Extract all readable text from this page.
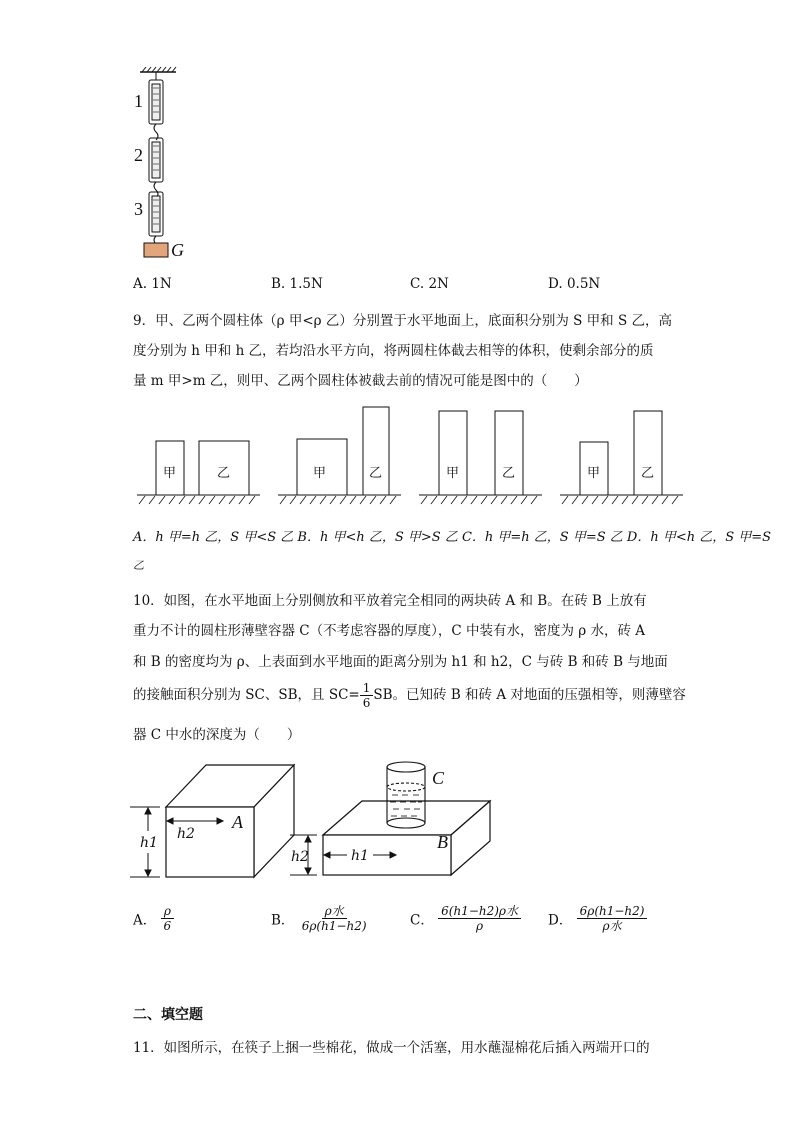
1
2
3
G
A. 1N	B. 1.5N	C. 2N	D. 0.5N
9．甲、乙两个圆柱体（ρ 甲<ρ 乙）分别置于水平地面上，底面积分别为 S 甲和 S 乙，高
度分别为 h 甲和 h 乙，若均沿水平方向，将两圆柱体截去相等的体积，使剩余部分的质
量 m 甲>m 乙，则甲、乙两个圆柱体被截去前的情况可能是图中的（　　）
甲	乙	甲	乙	甲	乙	甲	乙
A．h 甲=h 乙，S 甲<S 乙 B．h 甲<h 乙，S 甲>S 乙 C．h 甲=h 乙，S 甲=S 乙 D．h 甲<h 乙，S 甲=S
乙
10．如图，在水平地面上分别侧放和平放着完全相同的两块砖 A 和 B。在砖 B 上放有
重力不计的圆柱形薄壁容器 C（不考虑容器的厚度），C 中装有水，密度为 ρ 水，砖 A
和 B 的密度均为 ρ、上表面到水平地面的距离分别为 h1 和 h2，C 与砖 B 和砖 B 与地面
的接触面积分别为 SC、SB，且 $SC= \frac{1}{6}$ SB。已知砖 B 和砖 A 对地面的压强相等，则薄壁容
器 C 中水的深度为（　　）
A
B
C
h1
h2
h2	h1
A． $\frac{\rho}{6}$	B． $\frac{\text{ρ水}}{6\rho(h1-h2)}$	C． $\frac{\text{6(h1−h2)ρ水}}{\rho}$ D． $\frac{6\rho(h1-h2)}{\text{ρ水}}$
二、填空题
11．如图所示，在筷子上捆一些棉花，做成一个活塞，用水蘸湿棉花后插入两端开口的
